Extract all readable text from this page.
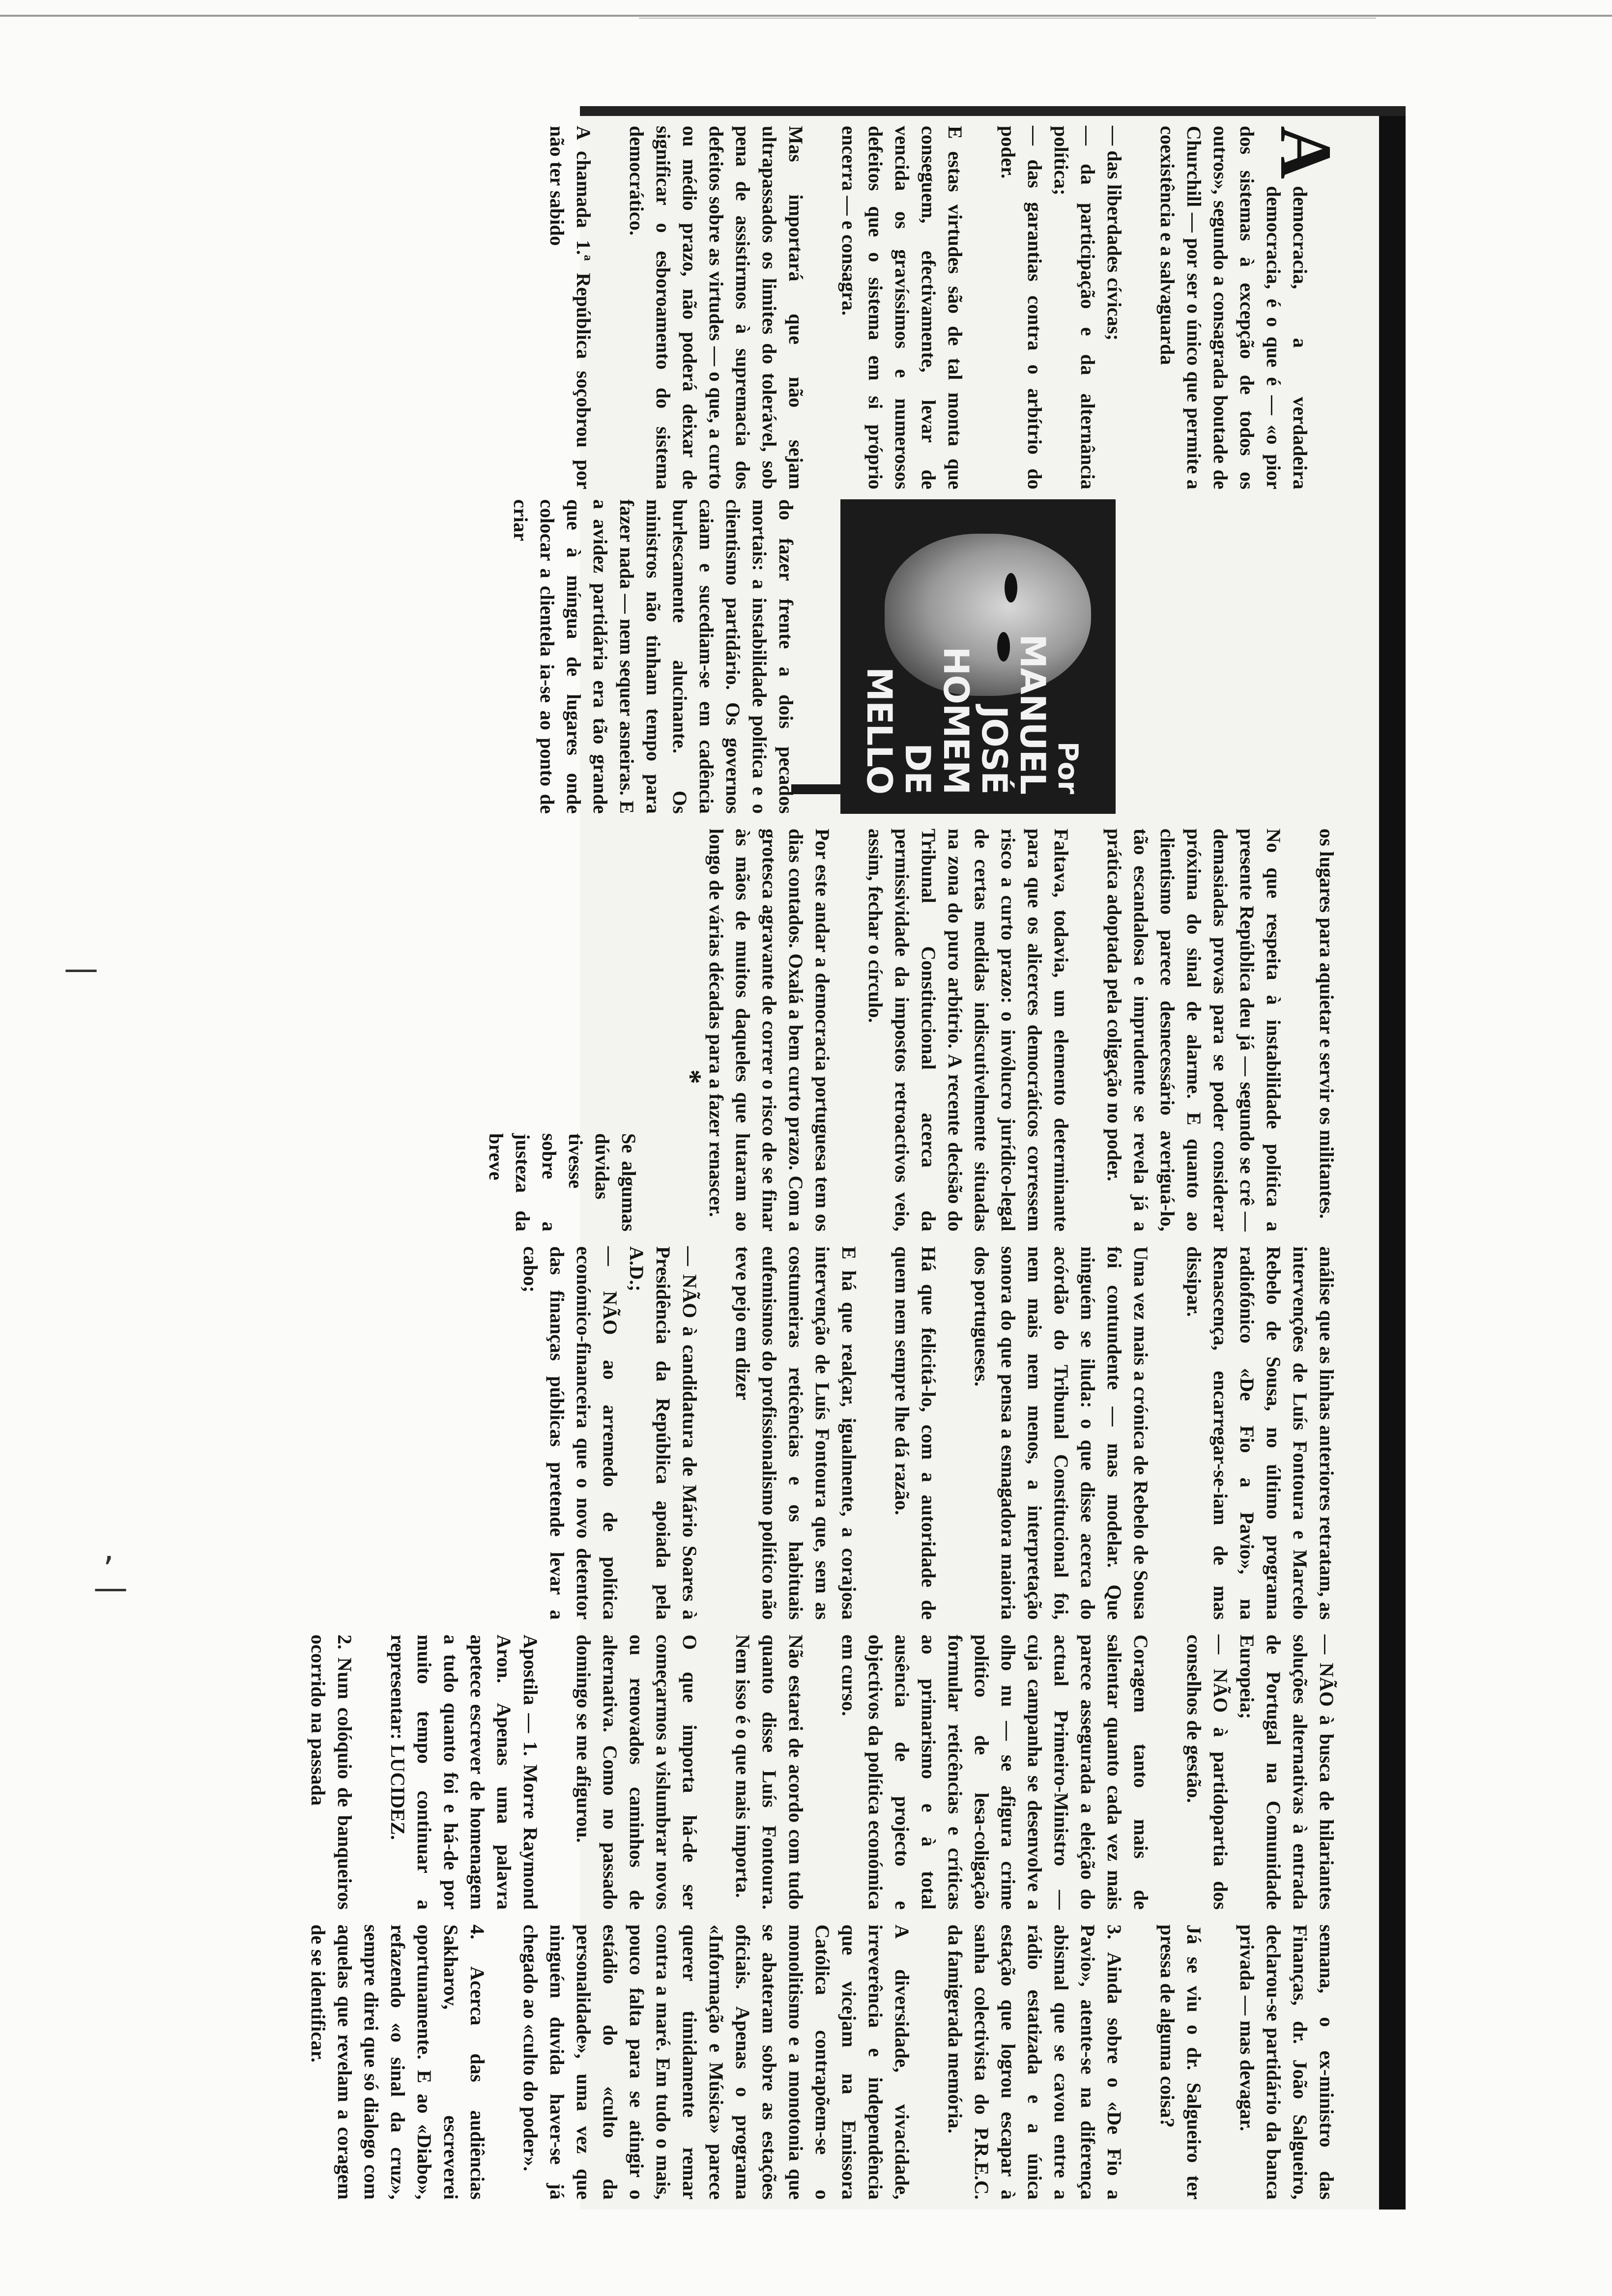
—
,
—

A

democracia, a verdadeira democracia, é o que é — «o pior dos sistemas à excepção de todos os outros», segundo a consagrada boutade de Churchill — por ser o único que permite a coexistência e a salvaguarda

— das liberdades cívicas;
— da participação e da alternância política;
— das garantias contra o arbítrio do poder.

E estas virtudes são de tal monta que conseguem, efectivamente, levar de vencida os gravíssimos e numerosos defeitos que o sistema em si próprio encerra — e consagra.

Mas importará que não sejam ultrapassados os limites do tolerável, sob pena de assistirmos à supremacia dos defeitos sobre as virtudes — o que, a curto ou médio prazo, não poderá deixar de significar o esboroamento do sistema democrático.

A chamada 1.ª República soçobrou por não ter sabido

Por
MANUEL JOSÉ
HOMEM
DE MELLO

do fazer frente a dois pecados mortais: a instabilidade política e o clientismo partidário. Os governos caiam e sucediam-se em cadência burlescamente alucinante. Os ministros não tinham tempo para fazer nada — nem sequer asneiras. E a avidez partidária era tão grande que à míngua de lugares onde colocar a clientela ia-se ao ponto de criar

os lugares para aquietar e servir os militantes.

No que respeita à instabilidade política a presente República deu já — segundo se crê — demasiadas provas para se poder considerar próxima do sinal de alarme. E quanto ao clientismo parece desnecessário averiguá-lo, tão escandalosa e imprudente se revela já a prática adoptada pela coligação no poder.

Faltava, todavia, um elemento determinante para que os alicerces democráticos corressem risco a curto prazo: o invólucro jurídico-legal de certas medidas indiscutivelmente situadas na zona do puro arbítrio. A recente decisão do Tribunal Constitucional acerca da permissividade da impostos retroactivos veio, assim, fechar o círculo.

Por este andar a democracia portuguesa tem os dias contados. Oxalá a bem curto prazo. Com a grotesca agravante de correr o risco de se finar às mãos de muitos daqueles que lutaram ao longo de várias décadas para a fazer renascer.

*

Se algumas dúvidas tivesse sobre a justeza da breve

análise que as linhas anteriores retratam, as intervenções de Luís Fontoura e Marcelo Rebelo de Sousa, no último programa radiofónico «De Fio a Pavio», na Renascença, encarregar-se-iam de mas dissipar.

Uma vez mais a crónica de Rebelo de Sousa foi contundente — mas modelar. Que ninguém se iluda: o que disse acerca do acórdão do Tribunal Constitucional foi, nem mais nem menos, a interpretação sonora do que pensa a esmagadora maioria dos portugueses.

Há que felicitá-lo, com a autoridade de quem nem sempre lhe dá razão.

E há que realçar, igualmente, a corajosa intervenção de Luís Fontoura que, sem as costumeiras reticências e os habituais eufemismos do profissionalismo político não teve pejo em dizer

— NÃO à candidatura de Mário Soares à Presidência da República apoiada pela A.D.;
— NÃO ao arremedo de política económico-financeira que o novo detentor das finanças públicas pretende levar a cabo;

— NÃO à busca de hilariantes soluções alternativas à entrada de Portugal na Comunidade Europeia;
— NÃO à partidopartia dos conselhos de gestão.

Coragem tanto mais de salientar quanto cada vez mais parece assegurada a eleição do actual Primeiro-Ministro — cuja campanha se desenvolve a olho nu — se afigura crime político de lesa-coligação formular reticências e críticas ao primarismo e à total ausência de projecto e objectivos da política económica em curso.

Não estarei de acordo com tudo quanto disse Luís Fontoura. Nem isso é o que mais importa.

O que importa há-de ser começarmos a vislumbrar novos ou renovados caminhos de alternativa. Como no passado domingo se me afigurou.

Apostila — 1. Morre Raymond Aron. Apenas uma palavra apetece escrever de homenagem a tudo quanto foi e há-de por muito tempo continuar a representar: LUCIDEZ.

2. Num colóquio de banqueiros ocorrido na passada

semana, o ex-ministro das Finanças, dr. João Salgueiro, declarou-se partidário da banca privada — mas devagar.

Já se viu o dr. Salgueiro ter pressa de alguma coisa?

3. Ainda sobre o «De Fio a Pavio», atente-se na diferença abismal que se cavou entre a rádio estatizada e a única estação que logrou escapar à sanha colectivista do P.R.E.C. da famigerada memória.

A diversidade, vivacidade, irreverência e independência que vicejam na Emissora Católica contrapõem-se o monolitismo e a monotonia que se abateram sobre as estações oficiais. Apenas o programa «Informação e Música» parece querer timidamente remar contra a maré. Em tudo o mais, pouco falta para se atingir o estádio do «culto da personalidade», uma vez que ninguém duvida haver-se já chegado ao «culto do poder».

4. Acerca das audiências Sakharov, escreverei oportunamente. E ao «Diabo», refazendo «o sinal da cruz», sempre direi que só dialogo com aquelas que revelam a coragem de se identificar.
